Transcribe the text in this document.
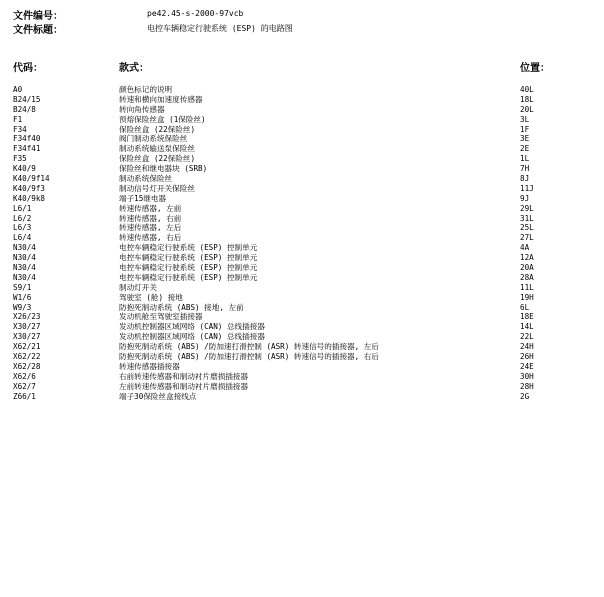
文件编号：	pe42.45-s-2000-97vcb
文件标题：	电控车辆稳定行驶系统 (ESP) 的电路图
代码：	款式：	位置：
A0	颜色标记的说明	40L
B24/15	转速和横向加速度传感器	18L
B24/8	转向角传感器	20L
F1	预熔保险丝盒 (1保险丝)	3L
F34	保险丝盒 (22保险丝)	1F
F34f40	阀门制动系统保险丝	3E
F34f41	制动系统输送泵保险丝	2E
F35	保险丝盒 (22保险丝)	1L
K40/9	保险丝和继电器块 (SRB)	7H
K40/9f14	制动系统保险丝	8J
K40/9f3	制动信号灯开关保险丝	11J
K40/9k8	端子15继电器	9J
L6/1	转速传感器, 左前	29L
L6/2	转速传感器, 右前	31L
L6/3	转速传感器, 左后	25L
L6/4	转速传感器, 右后	27L
N30/4	电控车辆稳定行驶系统 (ESP) 控制单元	4A
N30/4	电控车辆稳定行驶系统 (ESP) 控制单元	12A
N30/4	电控车辆稳定行驶系统 (ESP) 控制单元	20A
N30/4	电控车辆稳定行驶系统 (ESP) 控制单元	28A
S9/1	制动灯开关	11L
W1/6	驾驶室 (舱) 接地	19H
W9/3	防抱死制动系统 (ABS) 接地, 左前	6L
X26/23	发动机舱至驾驶室插接器	18E
X30/27	发动机控制器区域网络 (CAN) 总线插接器	14L
X30/27	发动机控制器区域网络 (CAN) 总线插接器	22L
X62/21	防抱死制动系统 (ABS) /防加速打滑控制 (ASR) 转速信号的插接器, 左后	24H
X62/22	防抱死制动系统 (ABS) /防加速打滑控制 (ASR) 转速信号的插接器, 右后	26H
X62/28	转速传感器插接器	24E
X62/6	右前转速传感器和制动衬片磨损插接器	30H
X62/7	左前转速传感器和制动衬片磨损插接器	28H
Z66/1	端子30保险丝盒接线点	2G
